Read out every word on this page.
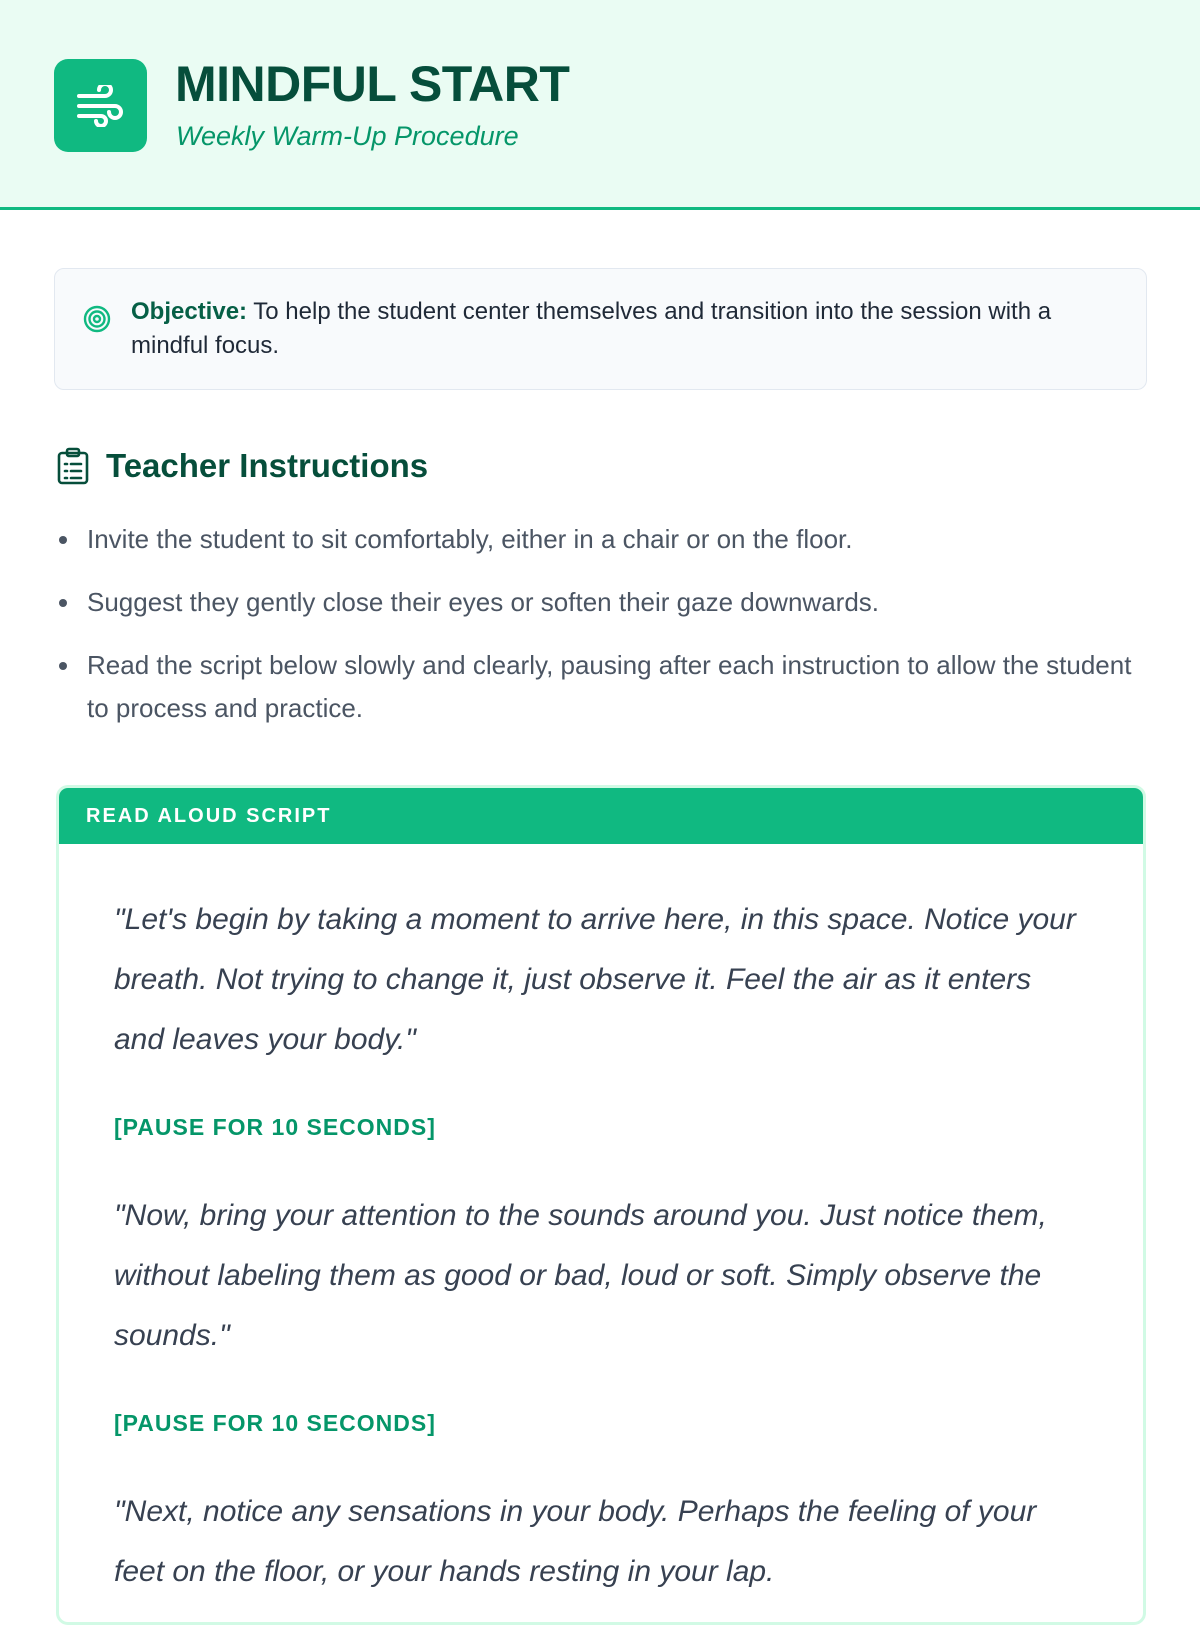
MINDFUL START
Weekly Warm-Up Procedure
Objective: To help the student center themselves and transition into the session with a mindful focus.
Teacher Instructions
Invite the student to sit comfortably, either in a chair or on the floor.
Suggest they gently close their eyes or soften their gaze downwards.
Read the script below slowly and clearly, pausing after each instruction to allow the student to process and practice.
READ ALOUD SCRIPT

"Let's begin by taking a moment to arrive here, in this space. Notice your breath. Not trying to change it, just observe it. Feel the air as it enters and leaves your body."

[PAUSE FOR 10 SECONDS]

"Now, bring your attention to the sounds around you. Just notice them, without labeling them as good or bad, loud or soft. Simply observe the sounds."

[PAUSE FOR 10 SECONDS]

"Next, notice any sensations in your body. Perhaps the feeling of your feet on the floor, or your hands resting in your lap.
